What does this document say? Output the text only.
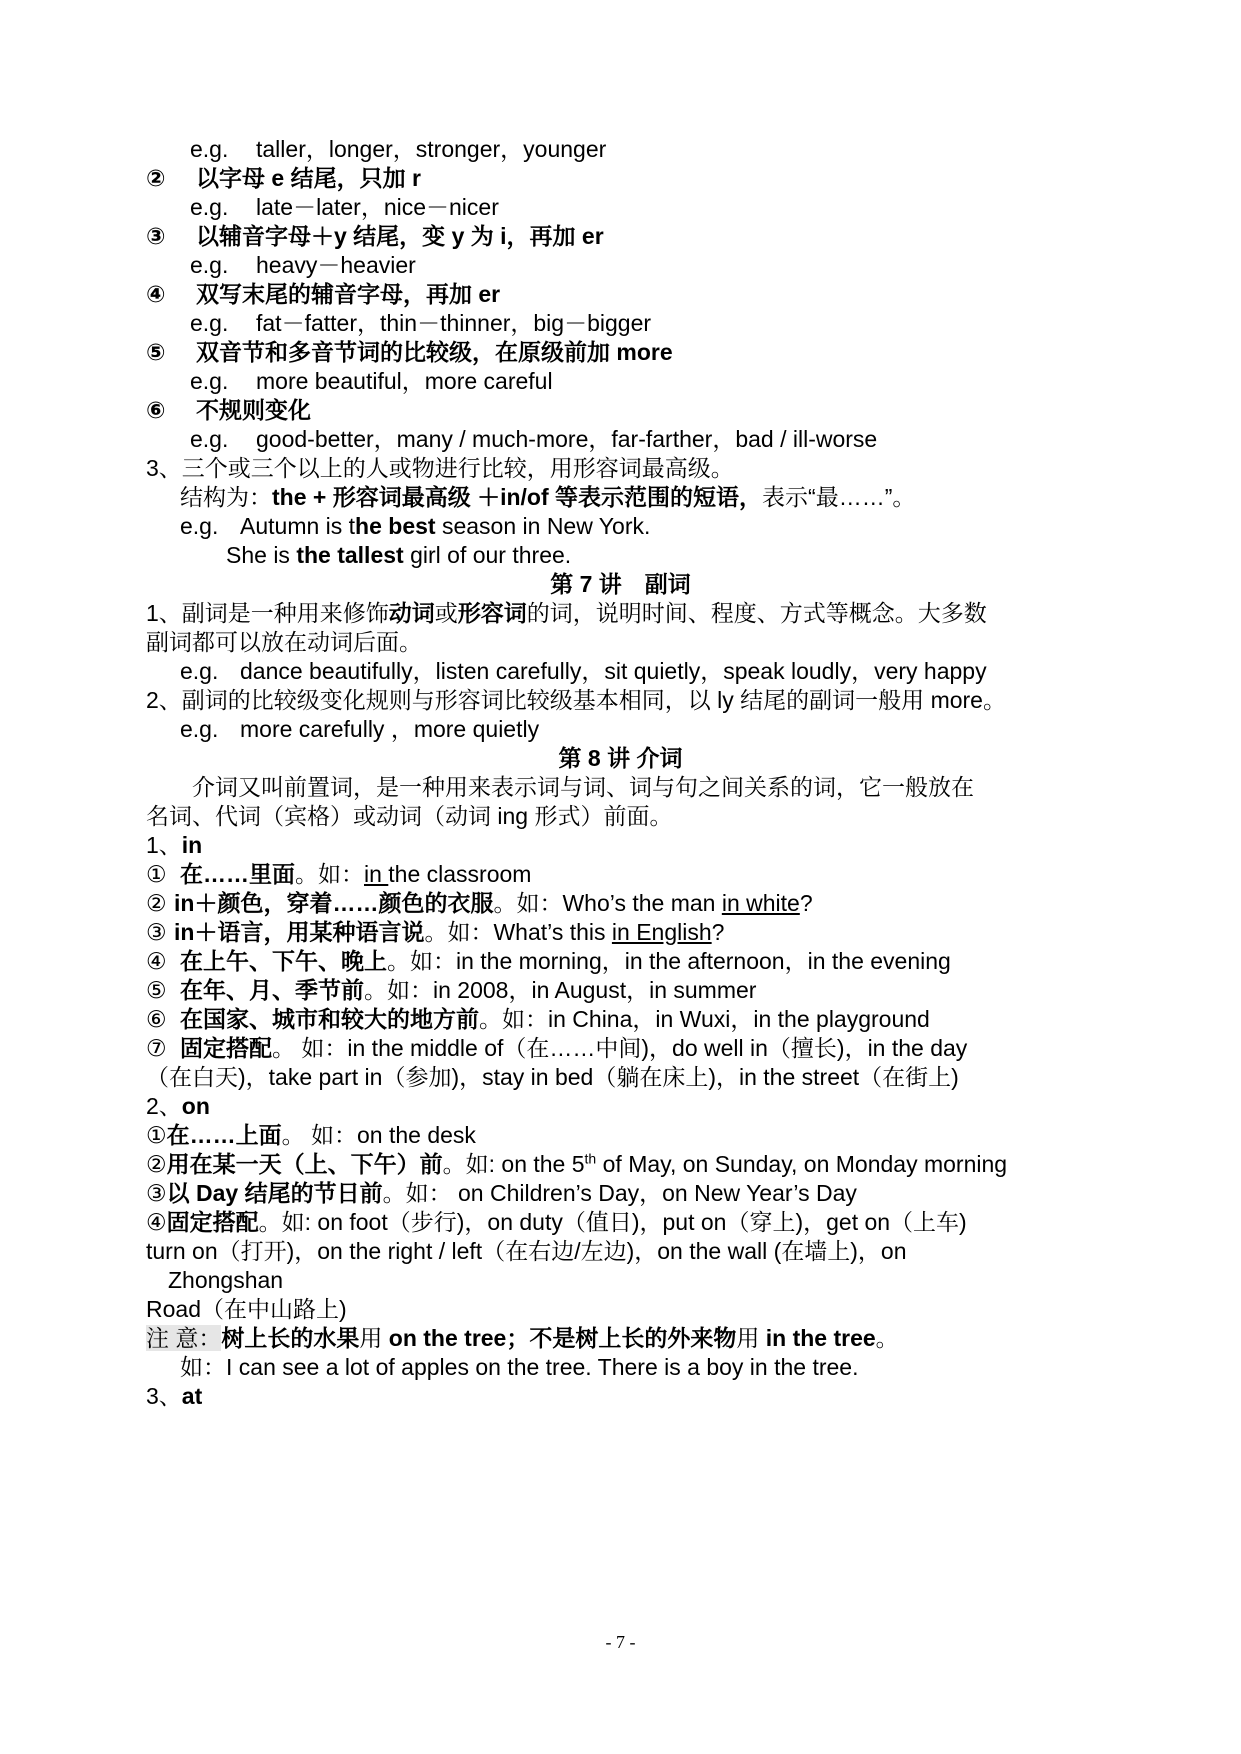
e.g. taller，longer，stronger，younger
② 以字母 e 结尾，只加 r
e.g. late－later，nice－nicer
③ 以辅音字母＋y 结尾，变 y 为 i，再加 er
e.g. heavy－heavier
④ 双写末尾的辅音字母，再加 er
e.g. fat－fatter，thin－thinner，big－bigger
⑤ 双音节和多音节词的比较级，在原级前加 more
e.g. more beautiful，more careful
⑥ 不规则变化
e.g. good-better，many / much-more，far-farther，bad / ill-worse
3、三个或三个以上的人或物进行比较，用形容词最高级。
结构为：the + 形容词最高级 ＋in/of 等表示范围的短语，表示“最……”。
e.g. Autumn is the best season in New York.
She is the tallest girl of our three.
第 7 讲　副词
1、副词是一种用来修饰动词或形容词的词，说明时间、程度、方式等概念。大多数
副词都可以放在动词后面。
e.g. dance beautifully，listen carefully，sit quietly，speak loudly，very happy
2、副词的比较级变化规则与形容词比较级基本相同，以 ly 结尾的副词一般用 more。
e.g. more carefully ，more quietly
第 8 讲 介词
介词又叫前置词，是一种用来表示词与词、词与句之间关系的词，它一般放在
名词、代词（宾格）或动词（动词 ing 形式）前面。
1、in
① 在……里面。如：in the classroom
② in＋颜色，穿着……颜色的衣服。如：Who’s the man in white?
③ in＋语言，用某种语言说。如：What’s this in English?
④ 在上午、下午、晚上。如：in the morning，in the afternoon，in the evening
⑤ 在年、月、季节前。如：in 2008，in August，in summer
⑥ 在国家、城市和较大的地方前。如：in China，in Wuxi，in the playground
⑦ 固定搭配。 如：in the middle of（在……中间)，do well in（擅长)，in the day
（在白天)，take part in（参加)，stay in bed（躺在床上)，in the street（在街上)
2、on
①在……上面。 如：on the desk
②用在某一天（上、下午）前。如: on the 5th of May, on Sunday, on Monday morning
③以 Day 结尾的节日前。如： on Children’s Day，on New Year’s Day
④固定搭配。如: on foot（步行)，on duty（值日)，put on（穿上)，get on（上车)
turn on（打开)，on the right / left（在右边/左边)，on the wall (在墙上)，on
Zhongshan
Road（在中山路上)
注 意：树上长的水果用 on the tree；不是树上长的外来物用 in the tree。
如：I can see a lot of apples on the tree. There is a boy in the tree.
3、at
- 7 -
